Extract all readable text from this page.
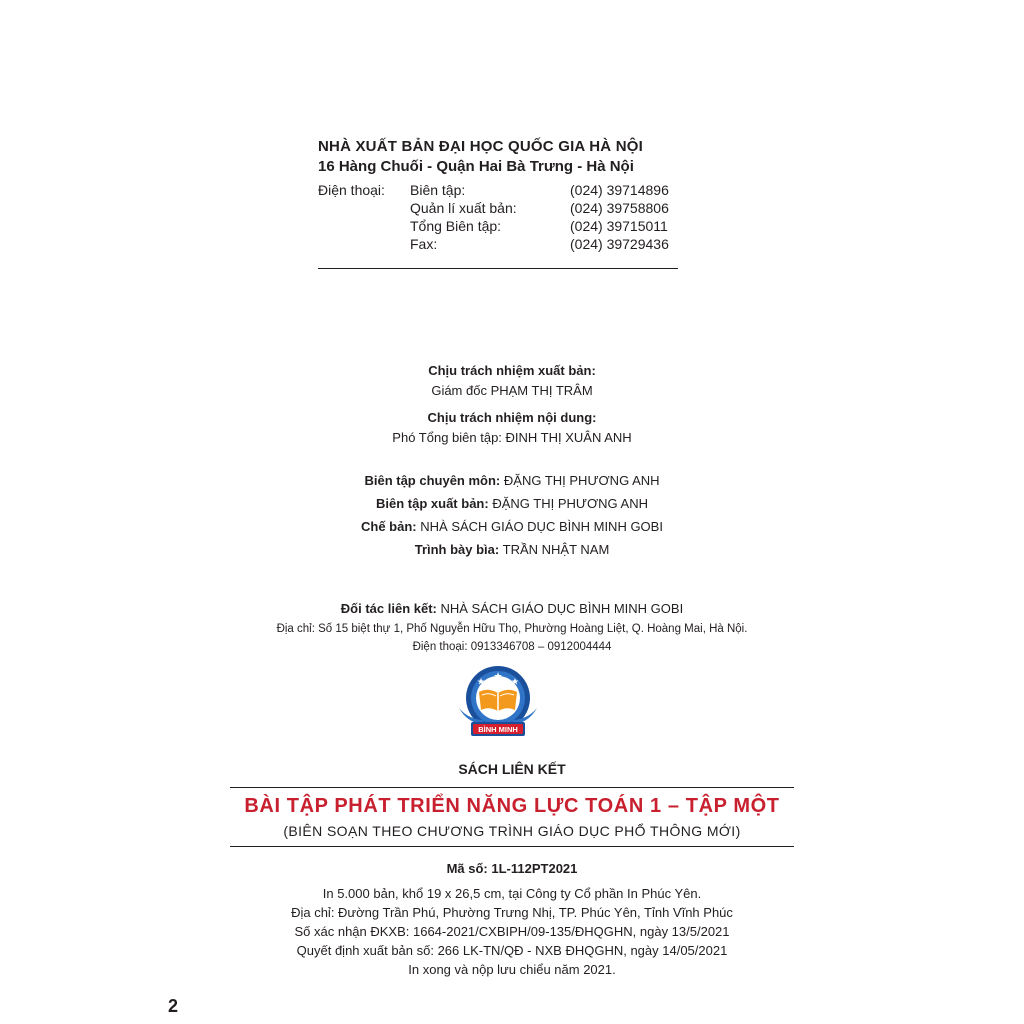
NHÀ XUẤT BẢN ĐẠI HỌC QUỐC GIA HÀ NỘI
16 Hàng Chuối - Quận Hai Bà Trưng - Hà Nội
Điện thoại:	Biên tập:	(024) 39714896
Quản lí xuất bản:	(024) 39758806
Tổng Biên tập:	(024) 39715011
Fax:	(024) 39729436
Chịu trách nhiệm xuất bản:
Giám đốc PHẠM THỊ TRÂM
Chịu trách nhiệm nội dung:
Phó Tổng biên tập: ĐINH THỊ XUÂN ANH
Biên tập chuyên môn: ĐẶNG THỊ PHƯƠNG ANH
Biên tập xuất bản: ĐẶNG THỊ PHƯƠNG ANH
Chế bản: NHÀ SÁCH GIÁO DỤC BÌNH MINH GOBI
Trình bày bìa: TRẦN NHẬT NAM
Đối tác liên kết: NHÀ SÁCH GIÁO DỤC BÌNH MINH GOBI
Địa chỉ: Số 15 biệt thự 1, Phố Nguyễn Hữu Thọ, Phường Hoàng Liệt, Q. Hoàng Mai, Hà Nội.
Điện thoại: 0913346708 – 0912004444
BÌNH MINH
SÁCH LIÊN KẾT
BÀI TẬP PHÁT TRIỂN NĂNG LỰC TOÁN 1 – TẬP MỘT
(BIÊN SOẠN THEO CHƯƠNG TRÌNH GIÁO DỤC PHỔ THÔNG MỚI)
Mã số: 1L-112PT2021
In 5.000 bản, khổ 19 x 26,5 cm, tại Công ty Cổ phần In Phúc Yên.
Địa chỉ: Đường Trần Phú, Phường Trưng Nhị, TP. Phúc Yên, Tỉnh Vĩnh Phúc
Số xác nhận ĐKXB: 1664-2021/CXBIPH/09-135/ĐHQGHN, ngày 13/5/2021
Quyết định xuất bản số: 266 LK-TN/QĐ - NXB ĐHQGHN, ngày 14/05/2021
In xong và nộp lưu chiểu năm 2021.
2
